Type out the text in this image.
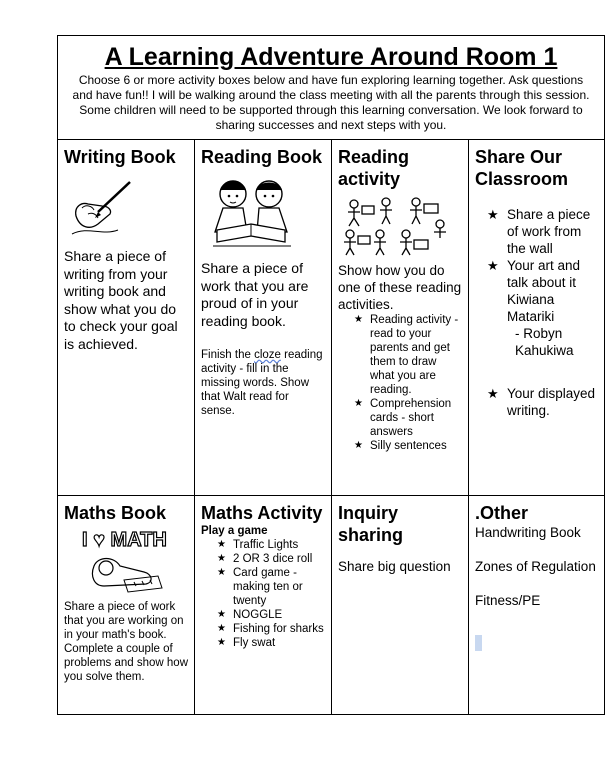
A Learning Adventure Around Room 1
Choose 6 or more activity boxes below and have fun exploring learning together. Ask questions and have fun!! I will be walking around the class meeting with all the parents through this session. Some children will need to be supported through this learning conversation. We look forward to sharing successes and next steps with you.
Writing Book
Share a piece of writing from your writing book and show what you do to check your goal is achieved.
Reading Book
Share a piece of work that you are proud of in your reading book.
Finish the cloze reading activity - fill in the missing words. Show that Walt read for sense.
Reading activity
Show how you do one of these reading activities.
★ Reading activity - read to your parents and get them to draw what you are reading.
★ Comprehension cards - short answers
★ Silly sentences
Share Our Classroom
★ Share a piece of work from the wall
★ Your art and talk about it Kiwiana Matariki
- Robyn Kahukiwa
★ Your displayed writing.
Maths Book
I ♥ MATH
Share a piece of work that you are working on in your math's book.
Complete a couple of problems and show how you solve them.
Maths Activity
Play a game
★ Traffic Lights
★ 2 OR 3 dice roll
★ Card game - making ten or twenty
★ NOGGLE
★ Fishing for sharks
★ Fly swat
Inquiry sharing
Share big question
.Other
Handwriting Book
Zones of Regulation
Fitness/PE
